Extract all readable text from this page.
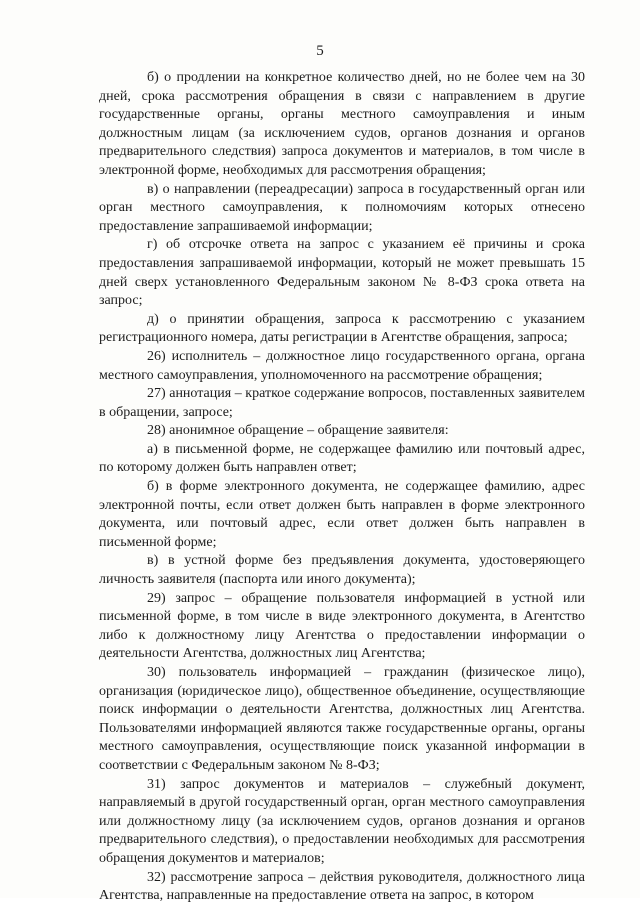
5

б) о продлении на конкретное количество дней, но не более чем на 30 дней, срока рассмотрения обращения в связи с направлением в другие государственные органы, органы местного самоуправления и иным должностным лицам (за исключением судов, органов дознания и органов предварительного следствия) запроса документов и материалов, в том числе в электронной форме, необходимых для рассмотрения обращения;

в) о направлении (переадресации) запроса в государственный орган или орган местного самоуправления, к полномочиям которых отнесено предоставление запрашиваемой информации;

г) об отсрочке ответа на запрос с указанием её причины и срока предоставления запрашиваемой информации, который не может превышать 15 дней сверх установленного Федеральным законом № 8-ФЗ срока ответа на запрос;

д) о принятии обращения, запроса к рассмотрению с указанием регистрационного номера, даты регистрации в Агентстве обращения, запроса;

26) исполнитель – должностное лицо государственного органа, органа местного самоуправления, уполномоченного на рассмотрение обращения;

27) аннотация – краткое содержание вопросов, поставленных заявителем в обращении, запросе;

28) анонимное обращение – обращение заявителя:

а) в письменной форме, не содержащее фамилию или почтовый адрес, по которому должен быть направлен ответ;

б) в форме электронного документа, не содержащее фамилию, адрес электронной почты, если ответ должен быть направлен в форме электронного документа, или почтовый адрес, если ответ должен быть направлен в письменной форме;

в) в устной форме без предъявления документа, удостоверяющего личность заявителя (паспорта или иного документа);

29) запрос – обращение пользователя информацией в устной или письменной форме, в том числе в виде электронного документа, в Агентство либо к должностному лицу Агентства о предоставлении информации о деятельности Агентства, должностных лиц Агентства;

30) пользователь информацией – гражданин (физическое лицо), организация (юридическое лицо), общественное объединение, осуществляющие поиск информации о деятельности Агентства, должностных лиц Агентства. Пользователями информацией являются также государственные органы, органы местного самоуправления, осуществляющие поиск указанной информации в соответствии с Федеральным законом № 8-ФЗ;

31) запрос документов и материалов – служебный документ, направляемый в другой государственный орган, орган местного самоуправления или должностному лицу (за исключением судов, органов дознания и органов предварительного следствия), о предоставлении необходимых для рассмотрения обращения документов и материалов;

32) рассмотрение запроса – действия руководителя, должностного лица Агентства, направленные на предоставление ответа на запрос, в котором
